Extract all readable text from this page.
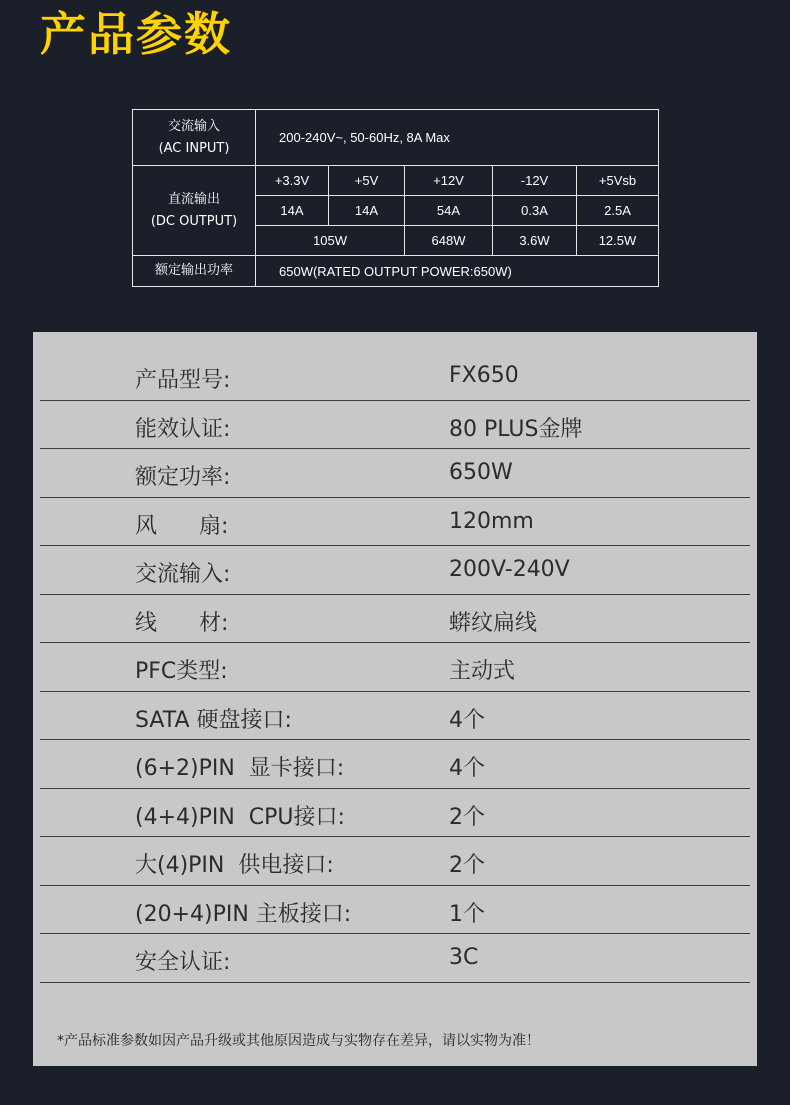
产品参数
交流输入
(AC INPUT)	200-240V~, 50-60Hz, 8A Max				

直流输出
(DC OUTPUT)	+3.3V	+5V	+12V	-12V	+5Vsb
	14A	14A	54A	0.3A	2.5A
	105W		648W	3.6W	12.5W
额定输出功率	650W(RATED OUTPUT POWER:650W)				
产品型号:	FX650
能效认证:	80 PLUS金牌
额定功率:	650W
风      扇:	120mm
交流输入:	200V-240V
线      材:	蟒纹扁线
PFC类型:	主动式
SATA 硬盘接口:	4个
(6+2)PIN  显卡接口:	4个
(4+4)PIN  CPU接口:	2个
大(4)PIN  供电接口:	2个
(20+4)PIN 主板接口:	1个
安全认证:	3C
*产品标准参数如因产品升级或其他原因造成与实物存在差异，请以实物为准！
